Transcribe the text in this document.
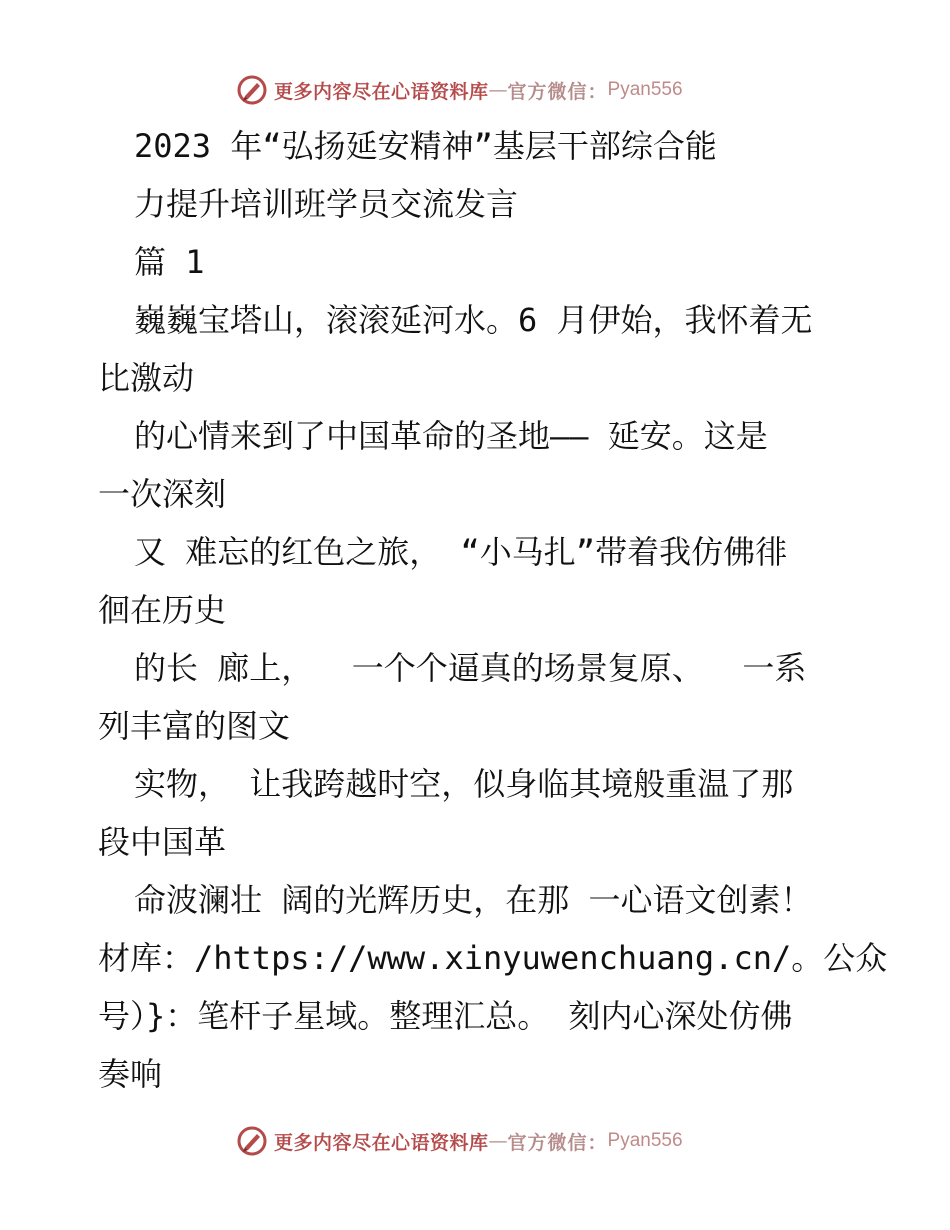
更多内容尽在心语资料库 — 官方微信： Pyan556
2023 年“弘扬延安精神”基层干部综合能
力提升培训班学员交流发言
篇 1
巍巍宝塔山，滚滚延河水。6 月伊始，我怀着无
比激动
的心情来到了中国革命的圣地—— 延安。这是
一次深刻
又 难忘的红色之旅， “小马扎”带着我仿佛徘
徊在历史
的长 廊上，  一个个逼真的场景复原、  一系
列丰富的图文
实物， 让我跨越时空，似身临其境般重温了那
段中国革
命波澜壮 阔的光辉历史，在那 一心语文创素！
材库：/https://www.xinyuwenchuang.cn/。公众
号）}：笔杆子星域。整理汇总。 刻内心深处仿佛
奏响
更多内容尽在心语资料库 — 官方微信： Pyan556
